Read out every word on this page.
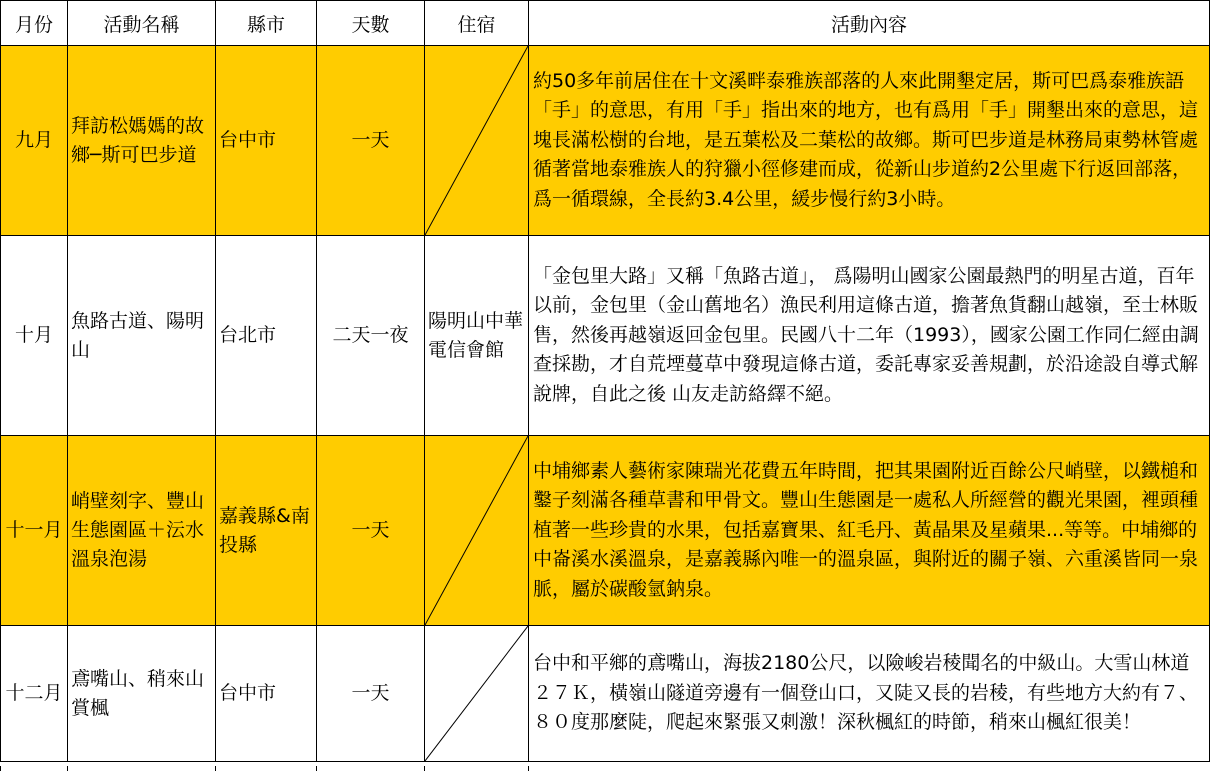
月份	活動名稱	縣市	天數	住宿	活動內容
九月	拜訪松媽媽的故鄉─斯可巴步道	台中市	一天		約50多年前居住在十文溪畔泰雅族部落的人來此開墾定居，斯可巴爲泰雅族語「手」的意思，有用「手」指出來的地方，也有爲用「手」開墾出來的意思，這塊長滿松樹的台地，是五葉松及二葉松的故鄉。斯可巴步道是林務局東勢林管處循著當地泰雅族人的狩獵小徑修建而成，從新山步道約2公里處下行返回部落，爲一循環線，全長約3.4公里，緩步慢行約3小時。
十月	魚路古道、陽明山	台北市	二天一夜	陽明山中華電信會館	「金包里大路」又稱「魚路古道」， 爲陽明山國家公園最熱門的明星古道，百年以前，金包里（金山舊地名）漁民利用這條古道，擔著魚貨翻山越嶺，至士林販售，然後再越嶺返回金包里。民國八十二年（1993），國家公園工作同仁經由調查採勘，才自荒堙蔓草中發現這條古道，委託專家妥善規劃，於沿途設自導式解說牌，自此之後 山友走訪絡繹不絕。
十一月	峭壁刻字、豐山生態園區＋沄水溫泉泡湯	嘉義縣&南投縣	一天		中埔鄉素人藝術家陳瑞光花費五年時間，把其果園附近百餘公尺峭壁，以鐵槌和鑿子刻滿各種草書和甲骨文。豐山生態園是一處私人所經營的觀光果園，裡頭種植著一些珍貴的水果，包括嘉寶果、紅毛丹、黃晶果及星蘋果...等等。中埔鄉的中崙溪水溪溫泉，是嘉義縣內唯一的溫泉區，與附近的關子嶺、六重溪皆同一泉脈，屬於碳酸氫鈉泉。
十二月	鳶嘴山、稍來山賞楓	台中市	一天		台中和平鄉的鳶嘴山，海拔2180公尺，以險峻岩稜聞名的中級山。大雪山林道２７Ｋ，橫嶺山隧道旁邊有一個登山口，又陡又長的岩稜，有些地方大約有７、８０度那麼陡，爬起來緊張又刺激！深秋楓紅的時節，稍來山楓紅很美！
